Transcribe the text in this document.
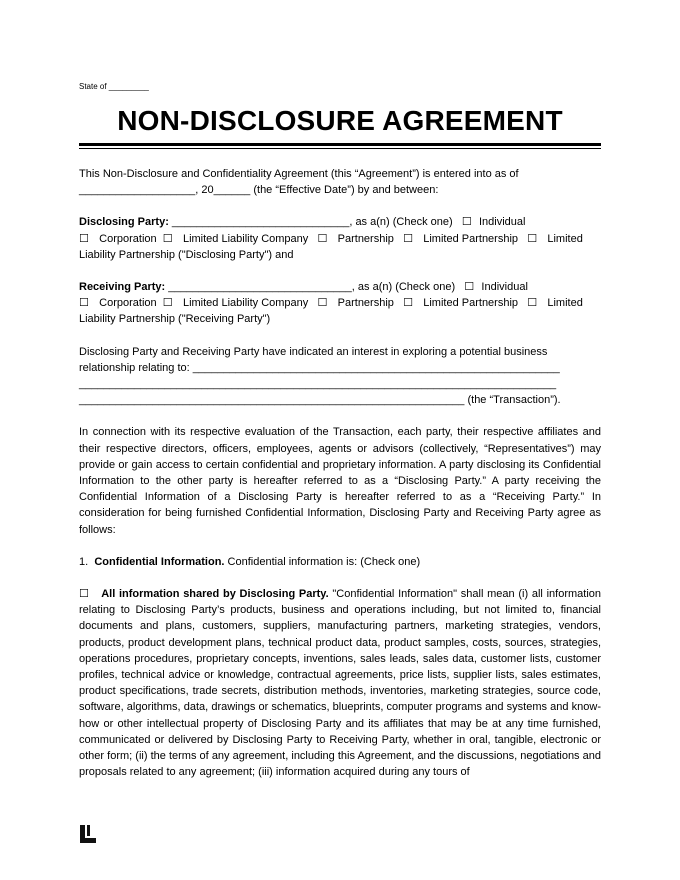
State of _________
NON-DISCLOSURE AGREEMENT

This Non-Disclosure and Confidentiality Agreement (this “Agreement”) is entered into as of

___________________, 20______ (the “Effective Date”) by and between:

Disclosing Party: _____________________________, as a(n) (Check one) ☐ Individual

☐ Corporation ☐ Limited Liability Company ☐ Partnership ☐ Limited Partnership ☐ Limited

Liability Partnership ("Disclosing Party") and

Receiving Party: ______________________________, as a(n) (Check one) ☐ Individual

☐ Corporation ☐ Limited Liability Company ☐ Partnership ☐ Limited Partnership ☐ Limited

Liability Partnership ("Receiving Party")

Disclosing Party and Receiving Party have indicated an interest in exploring a potential business

relationship relating to: ____________________________________________________________

______________________________________________________________________________

_______________________________________________________________ (the “Transaction”).

In connection with its respective evaluation of the Transaction, each party, their respective affiliates and their respective directors, officers, employees, agents or advisors (collectively, “Representatives”) may provide or gain access to certain confidential and proprietary information. A party disclosing its Confidential Information to the other party is hereafter referred to as a “Disclosing Party.” A party receiving the Confidential Information of a Disclosing Party is hereafter referred to as a “Receiving Party.” In consideration for being furnished Confidential Information, Disclosing Party and Receiving Party agree as follows:

1. Confidential Information. Confidential information is: (Check one)

☐ All information shared by Disclosing Party. "Confidential Information" shall mean (i) all information relating to Disclosing Party’s products, business and operations including, but not limited to, financial documents and plans, customers, suppliers, manufacturing partners, marketing strategies, vendors, products, product development plans, technical product data, product samples, costs, sources, strategies, operations procedures, proprietary concepts, inventions, sales leads, sales data, customer lists, customer profiles, technical advice or knowledge, contractual agreements, price lists, supplier lists, sales estimates, product specifications, trade secrets, distribution methods, inventories, marketing strategies, source code, software, algorithms, data, drawings or schematics, blueprints, computer programs and systems and know-how or other intellectual property of Disclosing Party and its affiliates that may be at any time furnished, communicated or delivered by Disclosing Party to Receiving Party, whether in oral, tangible, electronic or other form; (ii) the terms of any agreement, including this Agreement, and the discussions, negotiations and proposals related to any agreement; (iii) information acquired during any tours of
